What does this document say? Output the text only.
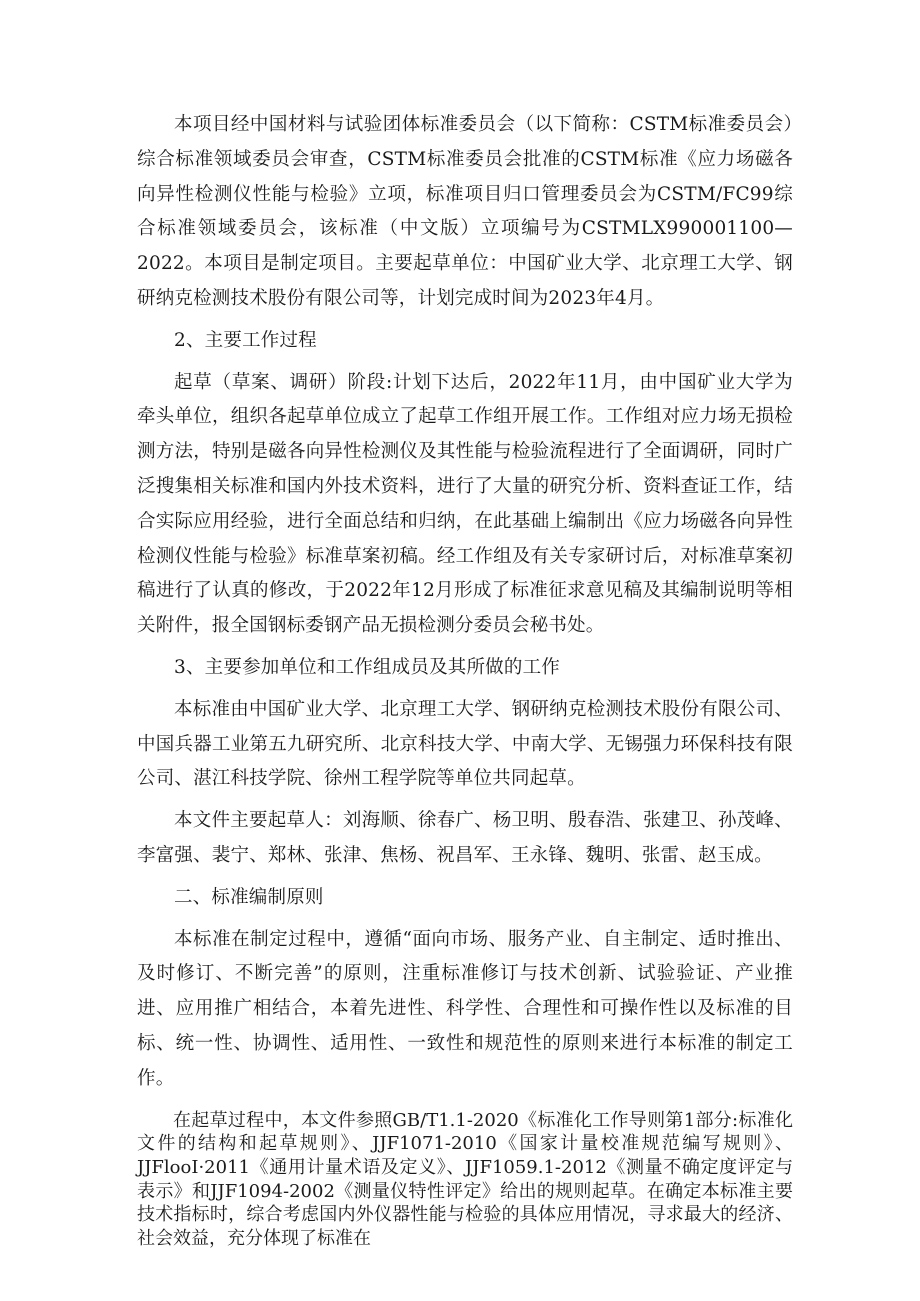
本项目经中国材料与试验团体标准委员会（以下简称：CSTM标准委员会）综合标准领域委员会审查，CSTM标准委员会批准的CSTM标准《应力场磁各向异性检测仪性能与检验》立项，标准项目归口管理委员会为CSTM/FC99综合标准领域委员会，该标准（中文版）立项编号为CSTMLX990001100—2022。本项目是制定项目。主要起草单位：中国矿业大学、北京理工大学、钢研纳克检测技术股份有限公司等，计划完成时间为2023年4月。

2、主要工作过程

起草（草案、调研）阶段:计划下达后，2022年11月，由中国矿业大学为牵头单位，组织各起草单位成立了起草工作组开展工作。工作组对应力场无损检测方法，特别是磁各向异性检测仪及其性能与检验流程进行了全面调研，同时广泛搜集相关标准和国内外技术资料，进行了大量的研究分析、资料查证工作，结合实际应用经验，进行全面总结和归纳，在此基础上编制出《应力场磁各向异性检测仪性能与检验》标准草案初稿。经工作组及有关专家研讨后，对标准草案初稿进行了认真的修改，于2022年12月形成了标准征求意见稿及其编制说明等相关附件，报全国钢标委钢产品无损检测分委员会秘书处。

3、主要参加单位和工作组成员及其所做的工作

本标准由中国矿业大学、北京理工大学、钢研纳克检测技术股份有限公司、中国兵器工业第五九研究所、北京科技大学、中南大学、无锡强力环保科技有限公司、湛江科技学院、徐州工程学院等单位共同起草。

本文件主要起草人：刘海顺、徐春广、杨卫明、殷春浩、张建卫、孙茂峰、李富强、裴宁、郑林、张津、焦杨、祝昌军、王永锋、魏明、张雷、赵玉成。

二、标准编制原则

本标准在制定过程中，遵循“面向市场、服务产业、自主制定、适时推出、及时修订、不断完善”的原则，注重标准修订与技术创新、试验验证、产业推进、应用推广相结合，本着先进性、科学性、合理性和可操作性以及标准的目标、统一性、协调性、适用性、一致性和规范性的原则来进行本标准的制定工作。

在起草过程中，本文件参照GB/T1.1-2020《标准化工作导则第1部分:标准化文件的结构和起草规则》、JJF1071-2010《国家计量校准规范编写规则》、JJFlooI·2011《通用计量术语及定义》、JJF1059.1-2012《测量不确定度评定与表示》和JJF1094-2002《测量仪特性评定》给出的规则起草。在确定本标准主要技术指标时，综合考虑国内外仪器性能与检验的具体应用情况，寻求最大的经济、社会效益，充分体现了标准在
